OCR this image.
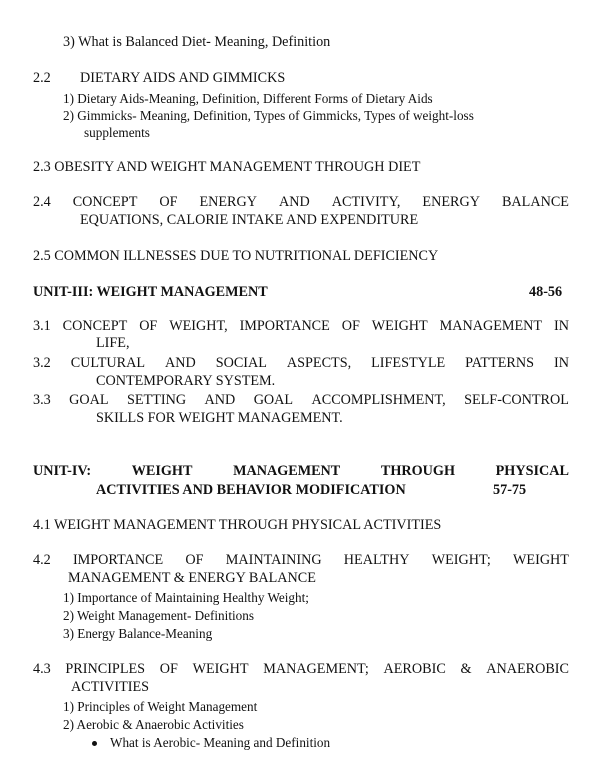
3) What is Balanced Diet- Meaning, Definition
2.2 DIETARY AIDS AND GIMMICKS
1) Dietary Aids-Meaning, Definition, Different Forms of Dietary Aids
2) Gimmicks- Meaning, Definition, Types of Gimmicks, Types of weight-loss
supplements
2.3 OBESITY AND WEIGHT MANAGEMENT THROUGH DIET
2.4 CONCEPT OF ENERGY AND ACTIVITY, ENERGY BALANCE
EQUATIONS, CALORIE INTAKE AND EXPENDITURE
2.5 COMMON ILLNESSES DUE TO NUTRITIONAL DEFICIENCY
UNIT-III: WEIGHT MANAGEMENT	48-56
3.1 CONCEPT OF WEIGHT, IMPORTANCE OF WEIGHT MANAGEMENT IN
LIFE,
3.2 CULTURAL AND SOCIAL ASPECTS, LIFESTYLE PATTERNS IN
CONTEMPORARY SYSTEM.
3.3 GOAL SETTING AND GOAL ACCOMPLISHMENT, SELF-CONTROL
SKILLS FOR WEIGHT MANAGEMENT.
UNIT-IV:	WEIGHT	MANAGEMENT	THROUGH	PHYSICAL
ACTIVITIES AND BEHAVIOR MODIFICATION	57-75
4.1 WEIGHT MANAGEMENT THROUGH PHYSICAL ACTIVITIES
4.2 IMPORTANCE OF MAINTAINING HEALTHY WEIGHT; WEIGHT
MANAGEMENT & ENERGY BALANCE
1) Importance of Maintaining Healthy Weight;
2) Weight Management- Definitions
3) Energy Balance-Meaning
4.3 PRINCIPLES OF WEIGHT MANAGEMENT; AEROBIC & ANAEROBIC
ACTIVITIES
1) Principles of Weight Management
2) Aerobic & Anaerobic Activities
What is Aerobic- Meaning and Definition
